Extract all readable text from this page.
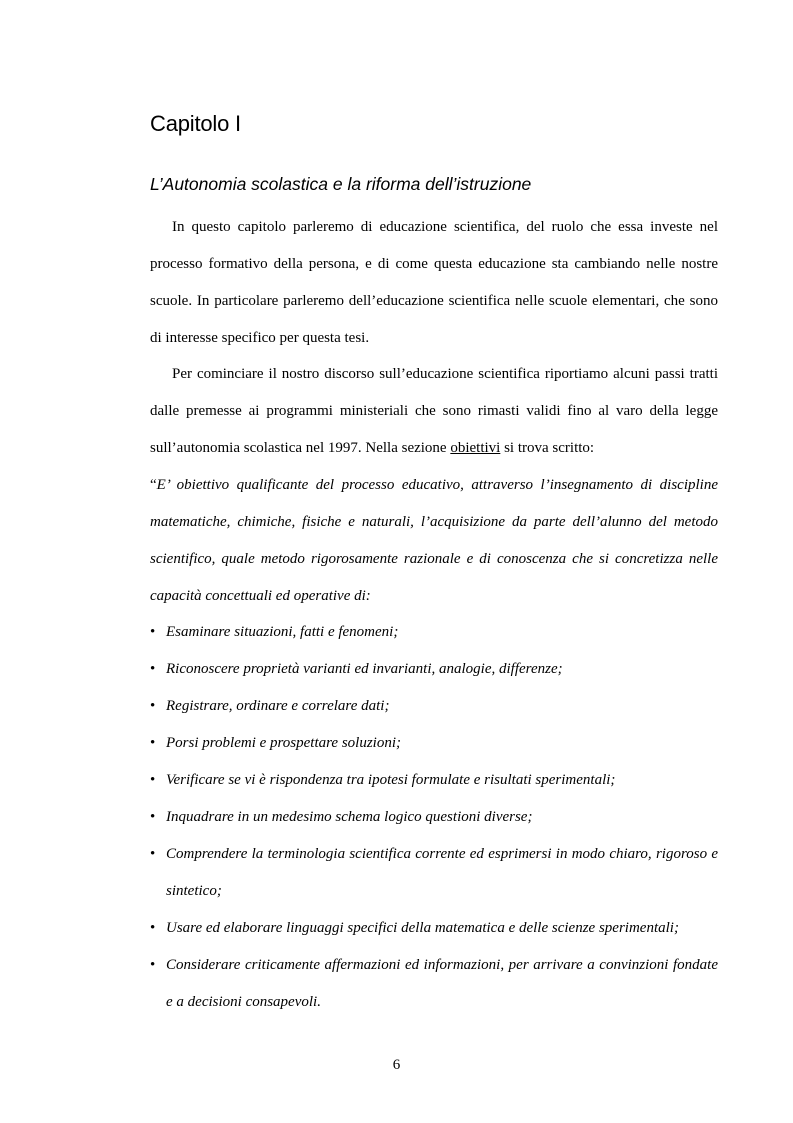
Capitolo I
L’Autonomia scolastica e la riforma dell’istruzione

In questo capitolo parleremo di educazione scientifica, del ruolo che essa investe nel processo formativo della persona, e di come questa educazione sta cambiando nelle nostre scuole. In particolare parleremo dell’educazione scientifica nelle scuole elementari, che sono di interesse specifico per questa tesi.

Per cominciare il nostro discorso sull’educazione scientifica riportiamo alcuni passi tratti dalle premesse ai programmi ministeriali che sono rimasti validi fino al varo della legge sull’autonomia scolastica nel 1997. Nella sezione obiettivi si trova scritto:

“E’ obiettivo qualificante del processo educativo, attraverso l’insegnamento di discipline matematiche, chimiche, fisiche e naturali, l’acquisizione da parte dell’alunno del metodo scientifico, quale metodo rigorosamente razionale e di conoscenza che si concretizza nelle capacità concettuali ed operative di:

• Esaminare situazioni, fatti e fenomeni;
• Riconoscere proprietà varianti ed invarianti, analogie, differenze;
• Registrare, ordinare e correlare dati;
• Porsi problemi e prospettare soluzioni;
• Verificare se vi è rispondenza tra ipotesi formulate e risultati sperimentali;
• Inquadrare in un medesimo schema logico questioni diverse;
• Comprendere la terminologia scientifica corrente ed esprimersi in modo chiaro, rigoroso e sintetico;
• Usare ed elaborare linguaggi specifici della matematica e delle scienze sperimentali;
• Considerare criticamente affermazioni ed informazioni, per arrivare a convinzioni fondate e a decisioni consapevoli.
6
